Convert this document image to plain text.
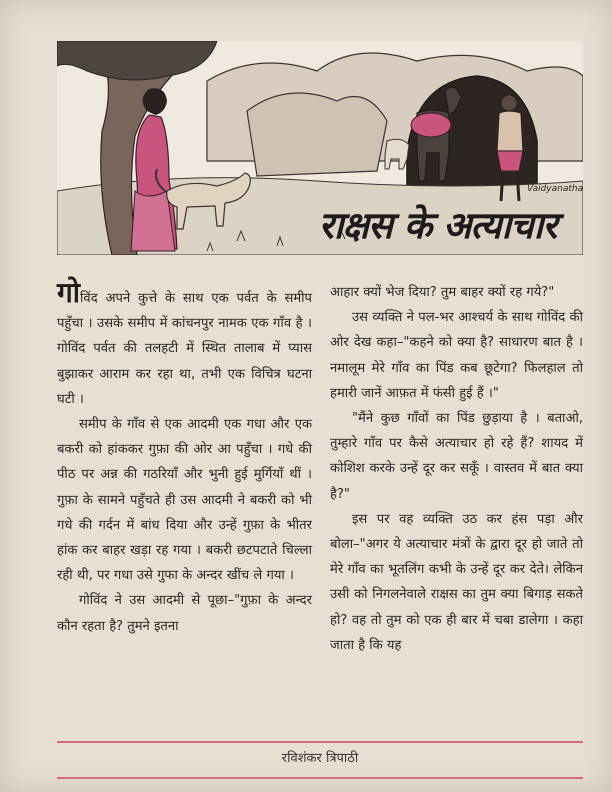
Vaidyanatha
राक्षस के अत्याचार

गोविंद अपने कुत्ते के साथ एक पर्वत के समीप पहुँचा । उसके समीप में कांचनपुर नामक एक गाँव है । गोविंद पर्वत की तलहटी में स्थित तालाब में प्यास बुझाकर आराम कर रहा था, तभी एक विचित्र घटना घटी ।

समीप के गाँव से एक आदमी एक गधा और एक बकरी को हांककर गुफ़ा की ओर आ पहुँचा । गधे की पीठ पर अन्न की गठरियाँ और भुनी हुई मुर्गियाँ थीं । गुफ़ा के सामने पहुँचते ही उस आदमी ने बकरी को भी गधे की गर्दन में बांध दिया और उन्हें गुफ़ा के भीतर हांक कर बाहर खड़ा रह गया । बकरी छटपटाते चिल्ला रही थी, पर गधा उसे गुफा के अन्दर खींच ले गया ।

गोविंद ने उस आदमी से पूछा–"गुफ़ा के अन्दर कौन रहता है? तुमने इतना

आहार क्यों भेज दिया? तुम बाहर क्यों रह गये?"

उस व्यक्ति ने पल-भर आश्चर्य के साथ गोविंद की ओर देख कहा–"कहने को क्या है? साधारण बात है । नमालूम मेरे गाँव का पिंड कब छूटेगा? फिलहाल तो हमारी जानें आफ़त में फंसी हुई हैं ।"

"मैंने कुछ गाँवों का पिंड छुड़ाया है । बताओ, तुम्हारे गाँव पर कैसे अत्याचार हो रहे हैं? शायद में कोशिश करके उन्हें दूर कर सकूँ । वास्तव में बात क्या है?"

इस पर वह व्यक्ति उठ कर हंस पड़ा और बोला–"अगर ये अत्याचार मंत्रों के द्वारा दूर हो जाते तो मेरे गाँव का भूतलिंग कभी के उन्हें दूर कर देते। लेकिन उसी को निगलनेवाले राक्षस का तुम क्या बिगाड़ सकते हो? वह तो तुम को एक ही बार में चबा डालेगा । कहा जाता है कि यह

रविशंकर त्रिपाठी
